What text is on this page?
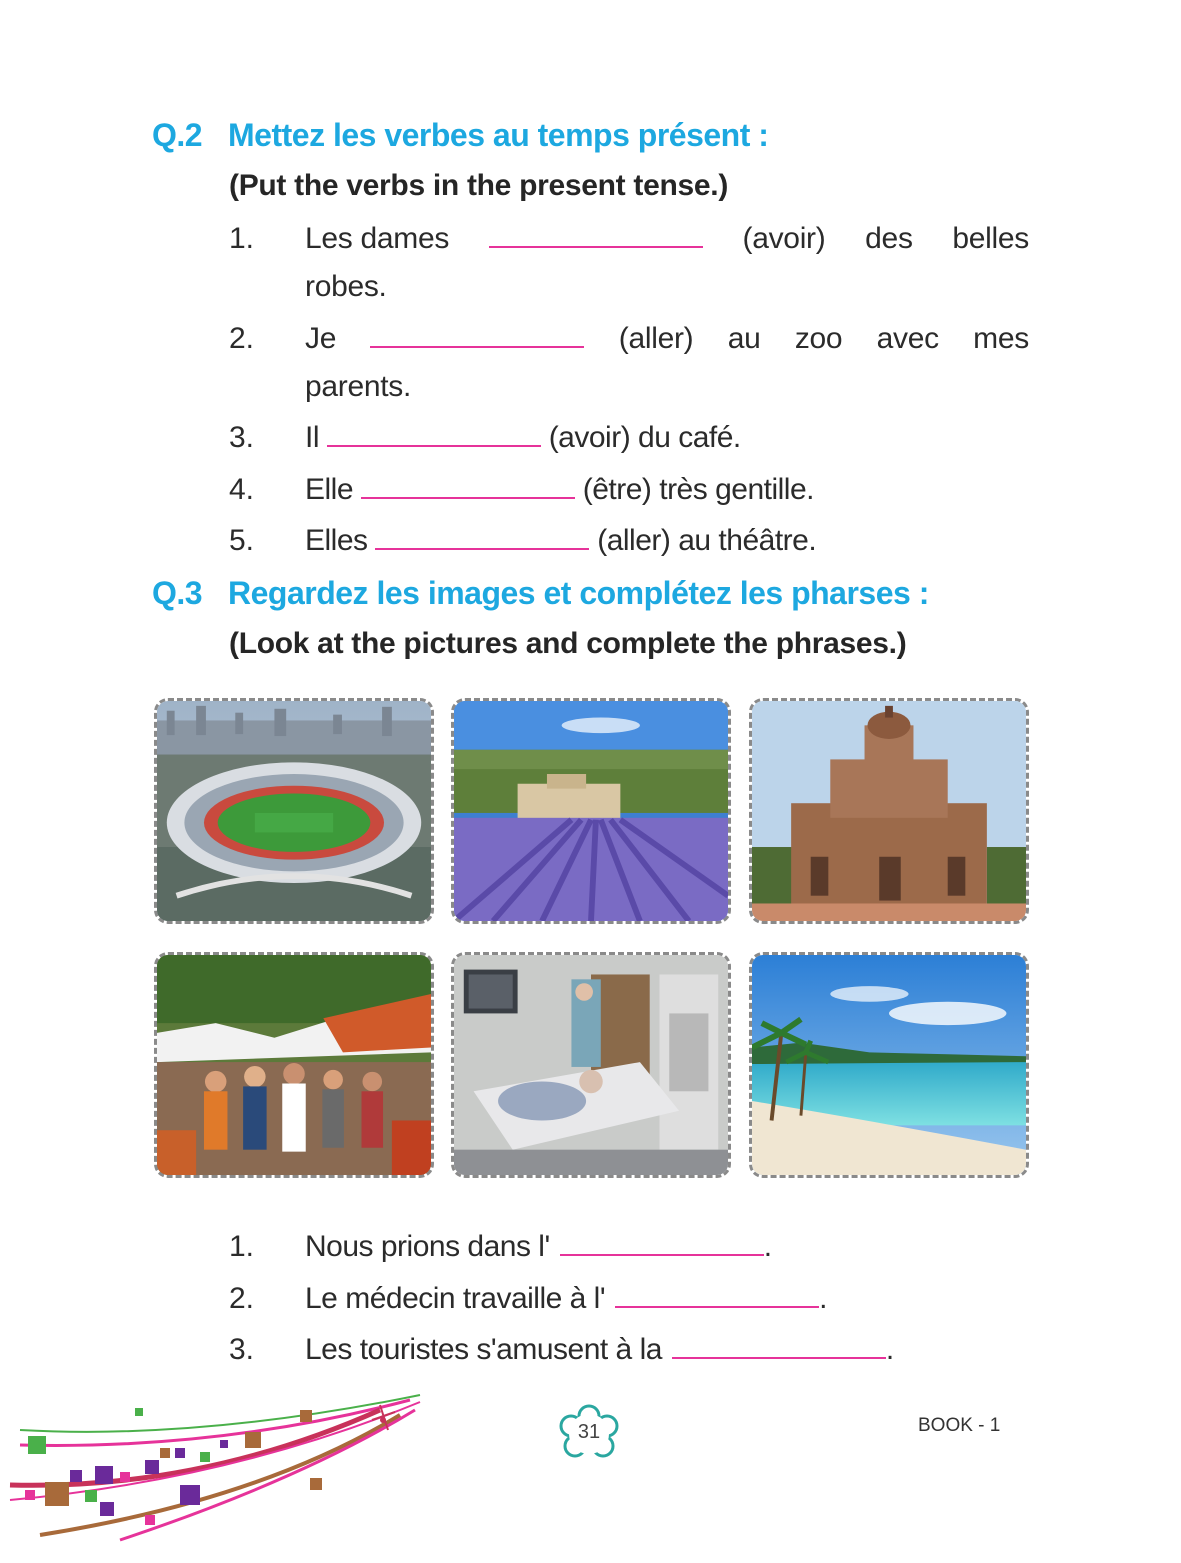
Q.2 Mettez les verbes au temps présent :
(Put the verbs in the present tense.)
1. Les dames	(avoir) des belles
robes.
2. Je	(aller) au zoo avec mes
parents.
3. Il	(avoir) du café.
4. Elle	(être) très gentille.
5. Elles	(aller) au théâtre.
Q.3 Regardez les images et complétez les pharses :
(Look at the pictures and complete the phrases.)
1. Nous prions dans l'	.
2. Le médecin travaille à l'	.
3. Les touristes s'amusent à la	.
31	BOOK - 1
